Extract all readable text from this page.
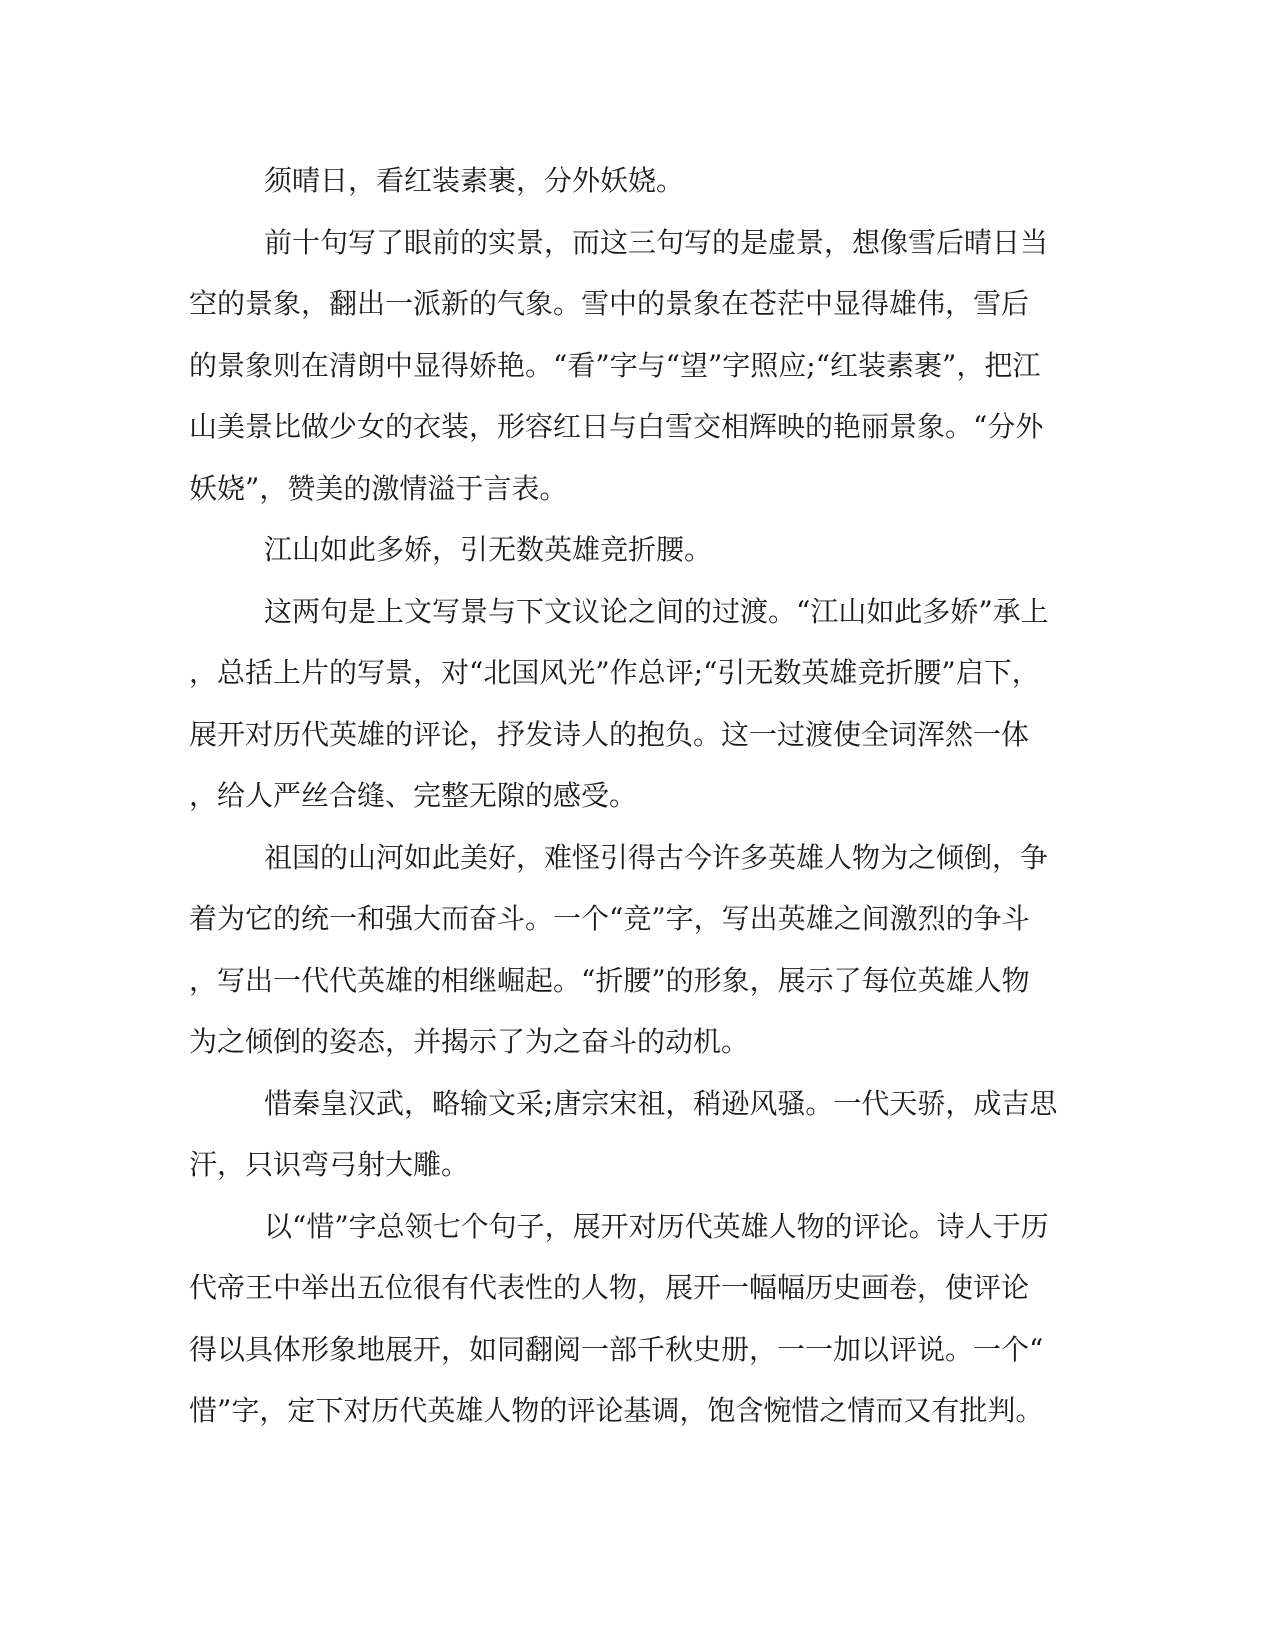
须晴日，看红装素裹，分外妖娆。
前十句写了眼前的实景，而这三句写的是虚景，想像雪后晴日当
空的景象，翻出一派新的气象。雪中的景象在苍茫中显得雄伟，雪后
的景象则在清朗中显得娇艳。“看”字与“望”字照应;“红装素裹”，把江
山美景比做少女的衣装，形容红日与白雪交相辉映的艳丽景象。“分外
妖娆”，赞美的激情溢于言表。
江山如此多娇，引无数英雄竞折腰。
这两句是上文写景与下文议论之间的过渡。“江山如此多娇”承上
，总括上片的写景，对“北国风光”作总评;“引无数英雄竞折腰”启下，
展开对历代英雄的评论，抒发诗人的抱负。这一过渡使全词浑然一体
，给人严丝合缝、完整无隙的感受。
祖国的山河如此美好，难怪引得古今许多英雄人物为之倾倒，争
着为它的统一和强大而奋斗。一个“竞”字，写出英雄之间激烈的争斗
，写出一代代英雄的相继崛起。“折腰”的形象，展示了每位英雄人物
为之倾倒的姿态，并揭示了为之奋斗的动机。
惜秦皇汉武，略输文采;唐宗宋祖，稍逊风骚。一代天骄，成吉思
汗，只识弯弓射大雕。
以“惜”字总领七个句子，展开对历代英雄人物的评论。诗人于历
代帝王中举出五位很有代表性的人物，展开一幅幅历史画卷，使评论
得以具体形象地展开，如同翻阅一部千秋史册，一一加以评说。一个“
惜”字，定下对历代英雄人物的评论基调，饱含惋惜之情而又有批判。
